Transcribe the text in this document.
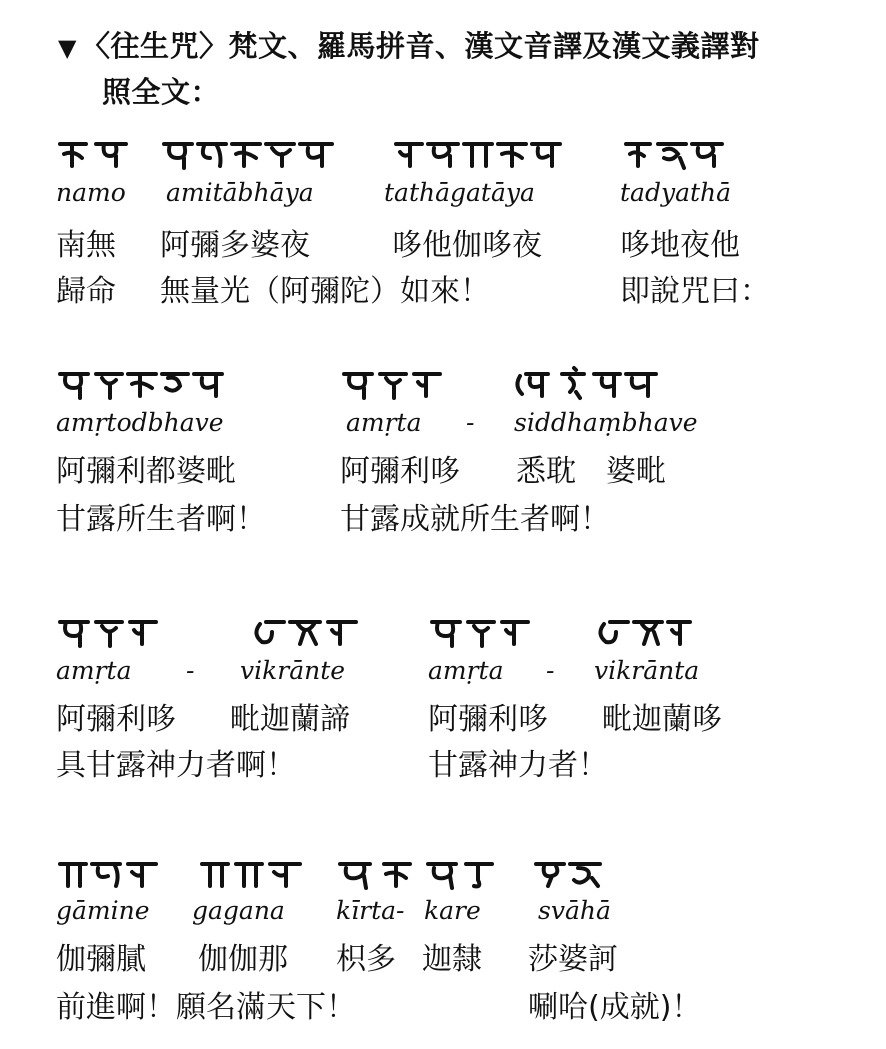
▼ 〈往生咒〉梵文、羅馬拼音、漢文音譯及漢文義譯對
照全文：
namo amitābhāya	tathāgatāya	tadyathā
南無 阿彌多婆夜	哆他伽哆夜	哆地夜他
歸命 無量光（阿彌陀）如來！	即說咒曰：
amṛtodbhave	amṛta - siddhaṃbhave
阿彌利都婆毗	阿彌利哆 悉耽　婆毗
甘露所生者啊！ 甘露成就所生者啊！
amṛta - vikrānte	amṛta - vikrānta
阿彌利哆 毗迦蘭諦	阿彌利哆 毗迦蘭哆
具甘露神力者啊！	甘露神力者！
gāmine gagana kīrta- kare svāhā
伽彌膩 伽伽那 枳多 迦隸 莎婆訶
前進啊！願名滿天下！	唰哈(成就)！
